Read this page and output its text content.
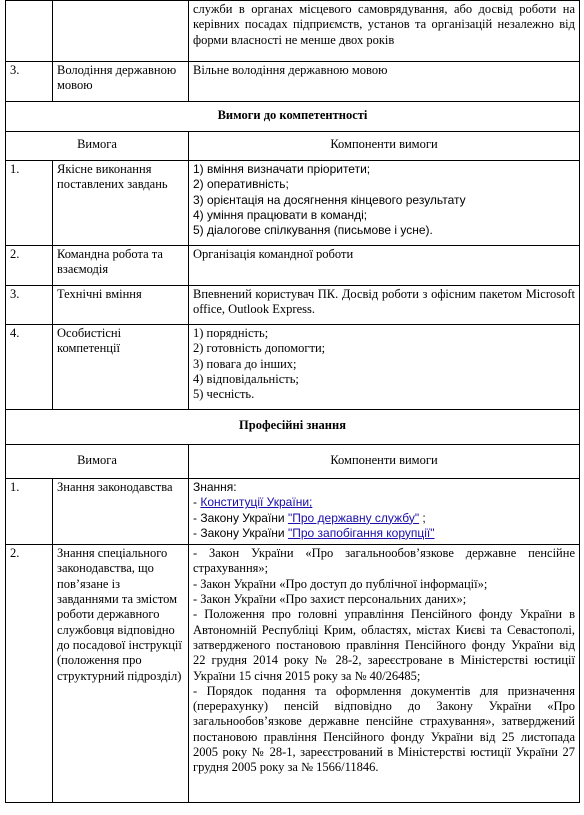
		служби в органах місцевого самоврядування, або досвід роботи на керівних посадах підприємств, установ та організацій незалежно від форми власності не менше двох років
3.	Володіння державною мовою	Вільне володіння державною мовою
Вимоги до компетентності		
Вимога		Компоненти вимоги
1.	Якісне виконання поставлених завдань	1) вміння визначати пріоритети;
2) оперативність;
3) орієнтація на досягнення кінцевого результату
4) уміння працювати в команді;
5) діалогове спілкування (письмове і усне).

2.	Командна робота та взаємодія	Організація командної роботи
3.	Технічні вміння	Впевнений користувач ПК. Досвід роботи з офісним пакетом Microsoft office, Outlook Express.
4.	Особистісні компетенції	1) порядність;
2) готовність допомогти;
3) повага до інших;
4) відповідальність;
5) чесність.

Професійні знання		
Вимога		Компоненти вимоги
1.	Знання законодавства	Знання:
- Конституції України;
- Закону України "Про державну службу" ;
- Закону України "Про запобігання корупції"

2.	Знання спеціального законодавства, що пов’язане із завданнями та змістом роботи державного службовця відповідно до посадової інструкції (положення про структурний підрозділ)	- Закон України «Про загальнообов’язкове державне пенсійне страхування»;
- Закон України «Про доступ до публічної інформації»;
- Закон України «Про захист персональних даних»;
- Положення про головні управління Пенсійного фонду України в Автономній Республіці Крим, областях, містах Києві та Севастополі, затвердженого постановою правління Пенсійного фонду України від 22 грудня 2014 року № 28-2, зареєстроване в Міністерстві юстиції України 15 січня 2015 року за № 40/26485;
- Порядок подання та оформлення документів для призначення (перерахунку) пенсій відповідно до Закону України «Про загальнообов’язкове державне пенсійне страхування», затверджений постановою правління Пенсійного фонду України від 25 листопада 2005 року № 28-1, зареєстрований в Міністерстві юстиції України 27 грудня 2005 року за № 1566/11846.
